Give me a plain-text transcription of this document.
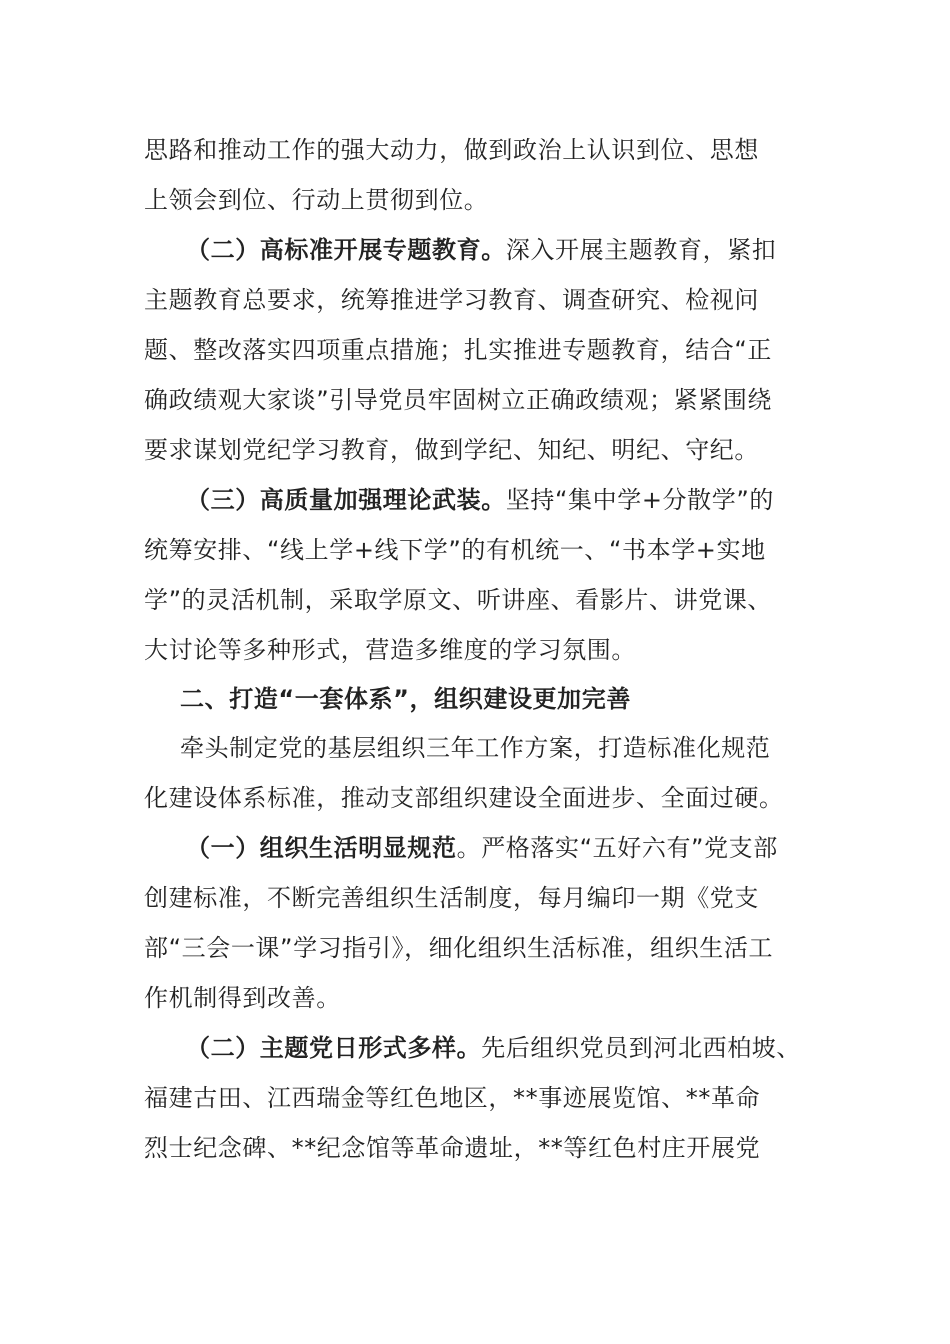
思路和推动工作的强大动力，做到政治上认识到位、思想
上领会到位、行动上贯彻到位。
（二）高标准开展专题教育。深入开展主题教育，紧扣
主题教育总要求，统筹推进学习教育、调查研究、检视问
题、整改落实四项重点措施；扎实推进专题教育，结合“正
确政绩观大家谈”引导党员牢固树立正确政绩观；紧紧围绕
要求谋划党纪学习教育，做到学纪、知纪、明纪、守纪。
（三）高质量加强理论武装。坚持“集中学+分散学”的
统筹安排、“线上学+线下学”的有机统一、“书本学+实地
学”的灵活机制，采取学原文、听讲座、看影片、讲党课、
大讨论等多种形式，营造多维度的学习氛围。
二、打造“一套体系”，组织建设更加完善
牵头制定党的基层组织三年工作方案，打造标准化规范
化建设体系标准，推动支部组织建设全面进步、全面过硬。
（一）组织生活明显规范。严格落实“五好六有”党支部
创建标准，不断完善组织生活制度，每月编印一期《党支
部“三会一课”学习指引》，细化组织生活标准，组织生活工
作机制得到改善。
（二）主题党日形式多样。先后组织党员到河北西柏坡、
福建古田、江西瑞金等红色地区，**事迹展览馆、**革命
烈士纪念碑、**纪念馆等革命遗址，**等红色村庄开展党
